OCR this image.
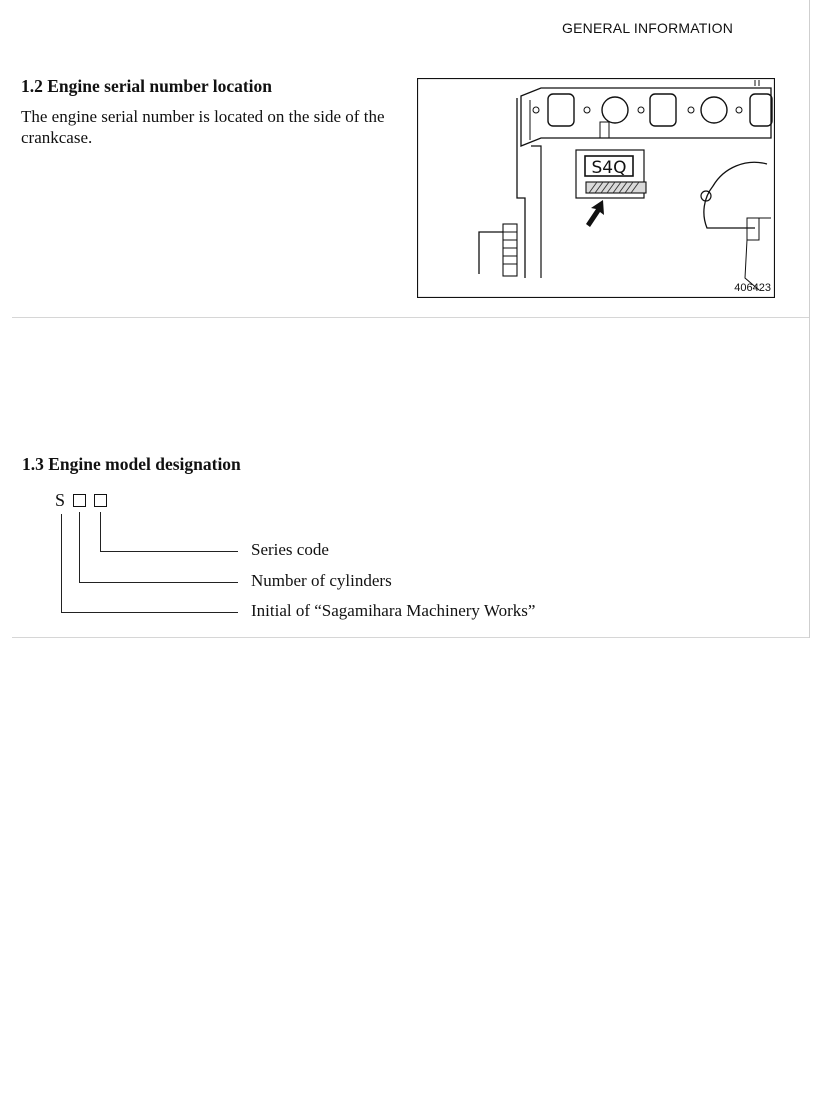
GENERAL INFORMATION
1.2 Engine serial number location
The engine serial number is located on the side of the crankcase.
S4Q
406423
1.3 Engine model designation
S
Series code
Number of cylinders
Initial of “Sagamihara Machinery Works”
